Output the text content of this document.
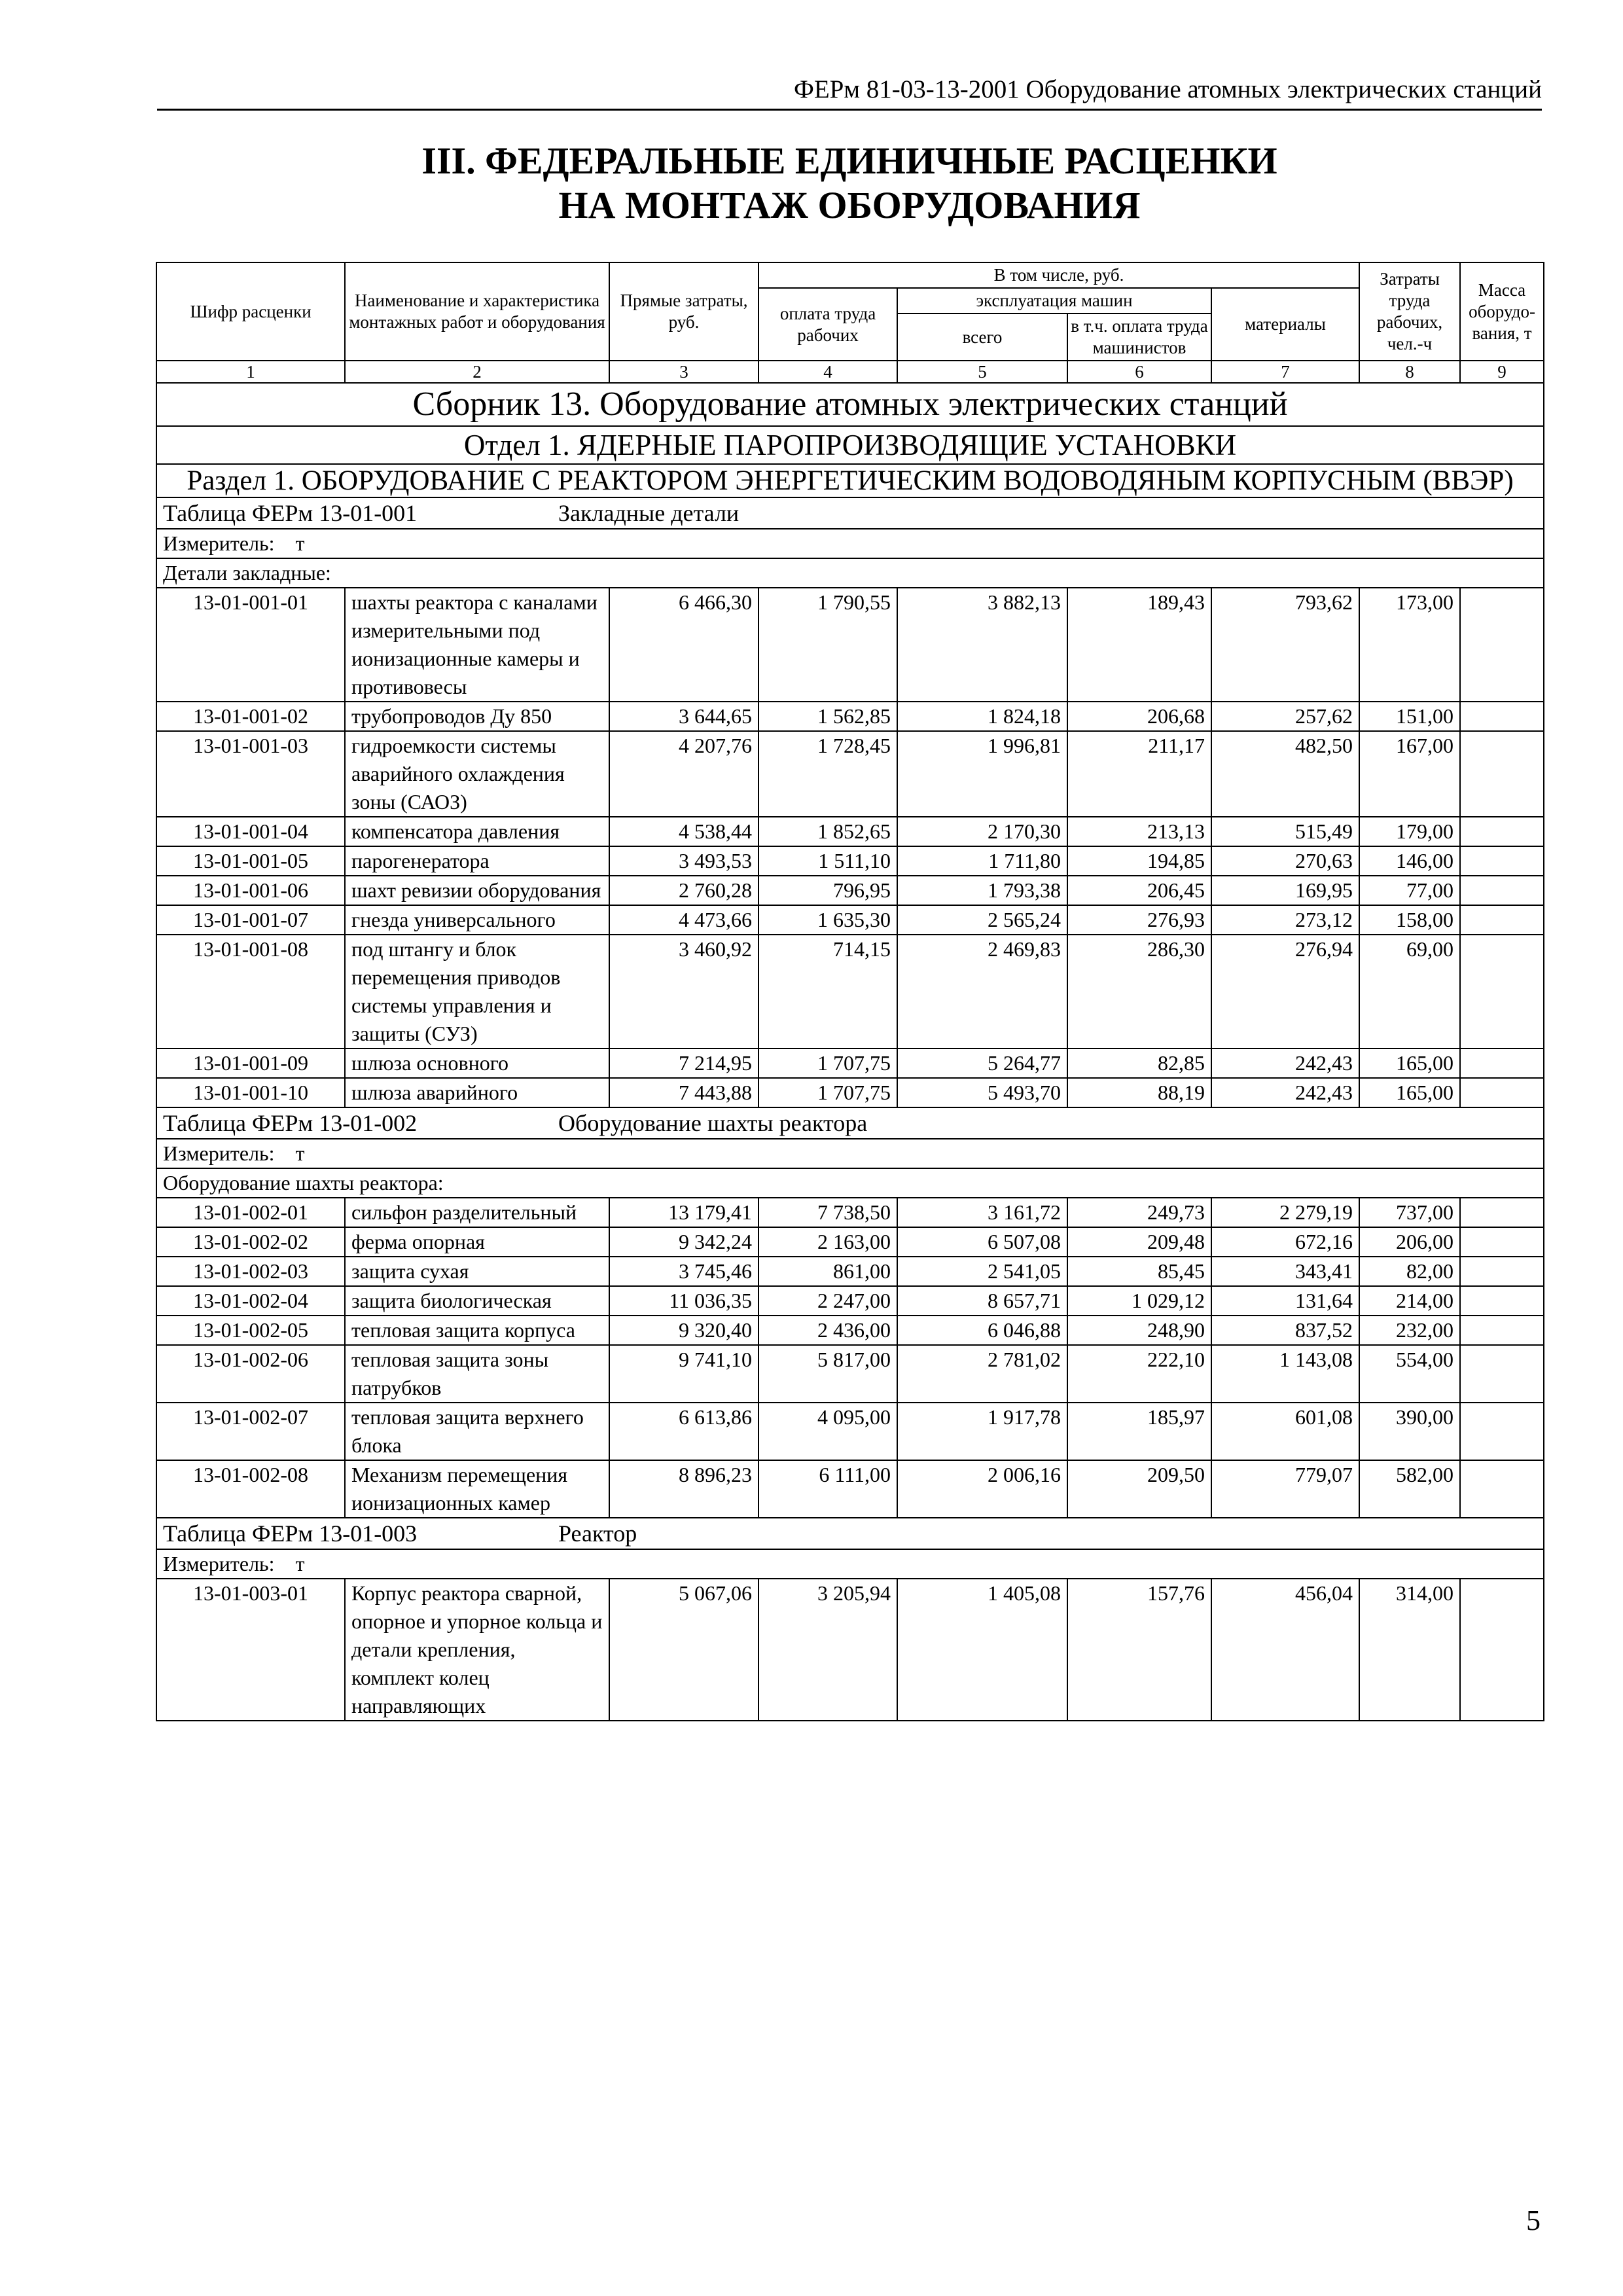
ФЕРм 81-03-13-2001 Оборудование атомных электрических станций
III. ФЕДЕРАЛЬНЫЕ ЕДИНИЧНЫЕ РАСЦЕНКИ
НА МОНТАЖ ОБОРУДОВАНИЯ
Шифр расценки	Наименование и характеристика монтажных работ и оборудования	Прямые затраты, руб.	В том числе, руб.				Затраты труда рабочих, чел.-ч	Масса оборудо-вания, т
			оплата труда рабочих	эксплуатация машин		материалы		
				всего	в т.ч. оплата труда машинистов			
1	2	3	4	5	6	7	8	9
Сборник 13. Оборудование атомных электрических станций								
Отдел 1. ЯДЕРНЫЕ ПАРОПРОИЗВОДЯЩИЕ УСТАНОВКИ								
Раздел 1. ОБОРУДОВАНИЕ С РЕАКТОРОМ ЭНЕРГЕТИЧЕСКИМ ВОДОВОДЯНЫМ КОРПУСНЫМ (ВВЭР)								
Таблица ФЕРм 13-01-001 Закладные детали								
Измеритель:    т								
Детали закладные:								
13-01-001-01	шахты реактора с каналами измерительными под ионизационные камеры и противовесы	6 466,30	1 790,55	3 882,13	189,43	793,62	173,00	
13-01-001-02	трубопроводов Ду 850	3 644,65	1 562,85	1 824,18	206,68	257,62	151,00	
13-01-001-03	гидроемкости системы аварийного охлаждения зоны (САОЗ)	4 207,76	1 728,45	1 996,81	211,17	482,50	167,00	
13-01-001-04	компенсатора давления	4 538,44	1 852,65	2 170,30	213,13	515,49	179,00	
13-01-001-05	парогенератора	3 493,53	1 511,10	1 711,80	194,85	270,63	146,00	
13-01-001-06	шахт ревизии оборудования	2 760,28	796,95	1 793,38	206,45	169,95	77,00	
13-01-001-07	гнезда универсального	4 473,66	1 635,30	2 565,24	276,93	273,12	158,00	
13-01-001-08	под штангу и блок перемещения приводов системы управления и защиты (СУЗ)	3 460,92	714,15	2 469,83	286,30	276,94	69,00	
13-01-001-09	шлюза основного	7 214,95	1 707,75	5 264,77	82,85	242,43	165,00	
13-01-001-10	шлюза аварийного	7 443,88	1 707,75	5 493,70	88,19	242,43	165,00	
Таблица ФЕРм 13-01-002 Оборудование шахты реактора								
Измеритель:    т								
Оборудование шахты реактора:								
13-01-002-01	сильфон разделительный	13 179,41	7 738,50	3 161,72	249,73	2 279,19	737,00	
13-01-002-02	ферма опорная	9 342,24	2 163,00	6 507,08	209,48	672,16	206,00	
13-01-002-03	защита сухая	3 745,46	861,00	2 541,05	85,45	343,41	82,00	
13-01-002-04	защита биологическая	11 036,35	2 247,00	8 657,71	1 029,12	131,64	214,00	
13-01-002-05	тепловая защита корпуса	9 320,40	2 436,00	6 046,88	248,90	837,52	232,00	
13-01-002-06	тепловая защита зоны патрубков	9 741,10	5 817,00	2 781,02	222,10	1 143,08	554,00	
13-01-002-07	тепловая защита верхнего блока	6 613,86	4 095,00	1 917,78	185,97	601,08	390,00	
13-01-002-08	Механизм перемещения ионизационных камер	8 896,23	6 111,00	2 006,16	209,50	779,07	582,00	
Таблица ФЕРм 13-01-003 Реактор								
Измеритель:    т								
13-01-003-01	Корпус реактора сварной, опорное и упорное кольца и детали крепления, комплект колец направляющих	5 067,06	3 205,94	1 405,08	157,76	456,04	314,00	
5
